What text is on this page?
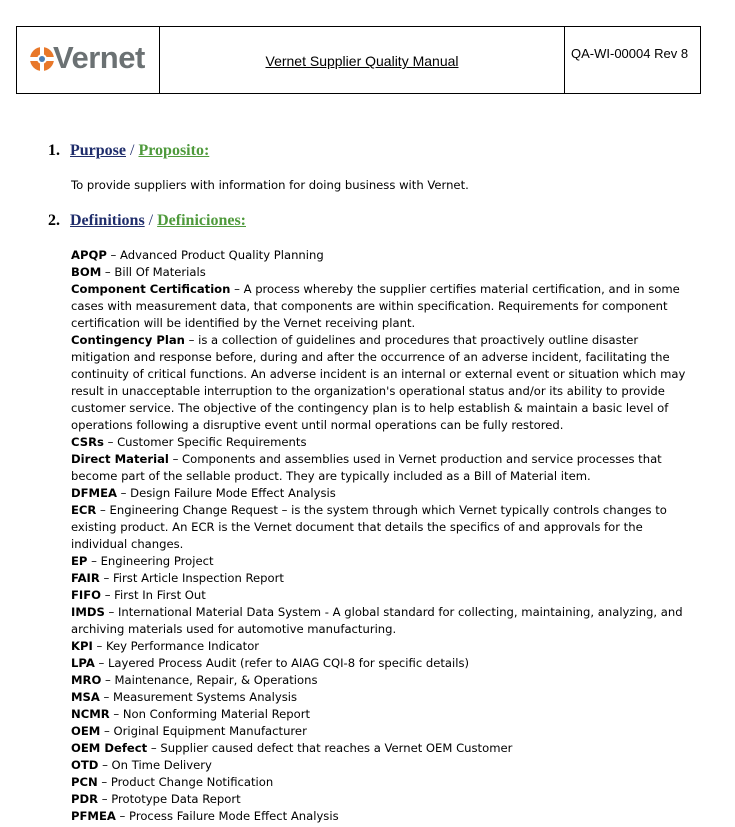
Vernet	Vernet Supplier Quality Manual	QA-WI-00004 Rev 8
1. Purpose / Proposito:
To provide suppliers with information for doing business with Vernet.
2. Definitions / Definiciones:

APQP – Advanced Product Quality Planning

BOM – Bill Of Materials

Component Certification – A process whereby the supplier certifies material certification, and in some cases with measurement data, that components are within specification. Requirements for component certification will be identified by the Vernet receiving plant.

Contingency Plan – is a collection of guidelines and procedures that proactively outline disaster mitigation and response before, during and after the occurrence of an adverse incident, facilitating the continuity of critical functions. An adverse incident is an internal or external event or situation which may result in unacceptable interruption to the organization's operational status and/or its ability to provide customer service. The objective of the contingency plan is to help establish & maintain a basic level of operations following a disruptive event until normal operations can be fully restored.

CSRs – Customer Specific Requirements

Direct Material – Components and assemblies used in Vernet production and service processes that become part of the sellable product. They are typically included as a Bill of Material item.

DFMEA – Design Failure Mode Effect Analysis

ECR – Engineering Change Request – is the system through which Vernet typically controls changes to existing product. An ECR is the Vernet document that details the specifics of and approvals for the individual changes.

EP – Engineering Project

FAIR – First Article Inspection Report

FIFO – First In First Out

IMDS – International Material Data System - A global standard for collecting, maintaining, analyzing, and archiving materials used for automotive manufacturing.

KPI – Key Performance Indicator

LPA – Layered Process Audit (refer to AIAG CQI-8 for specific details)

MRO – Maintenance, Repair, & Operations

MSA – Measurement Systems Analysis

NCMR – Non Conforming Material Report

OEM – Original Equipment Manufacturer

OEM Defect – Supplier caused defect that reaches a Vernet OEM Customer

OTD – On Time Delivery

PCN – Product Change Notification

PDR – Prototype Data Report

PFMEA – Process Failure Mode Effect Analysis
